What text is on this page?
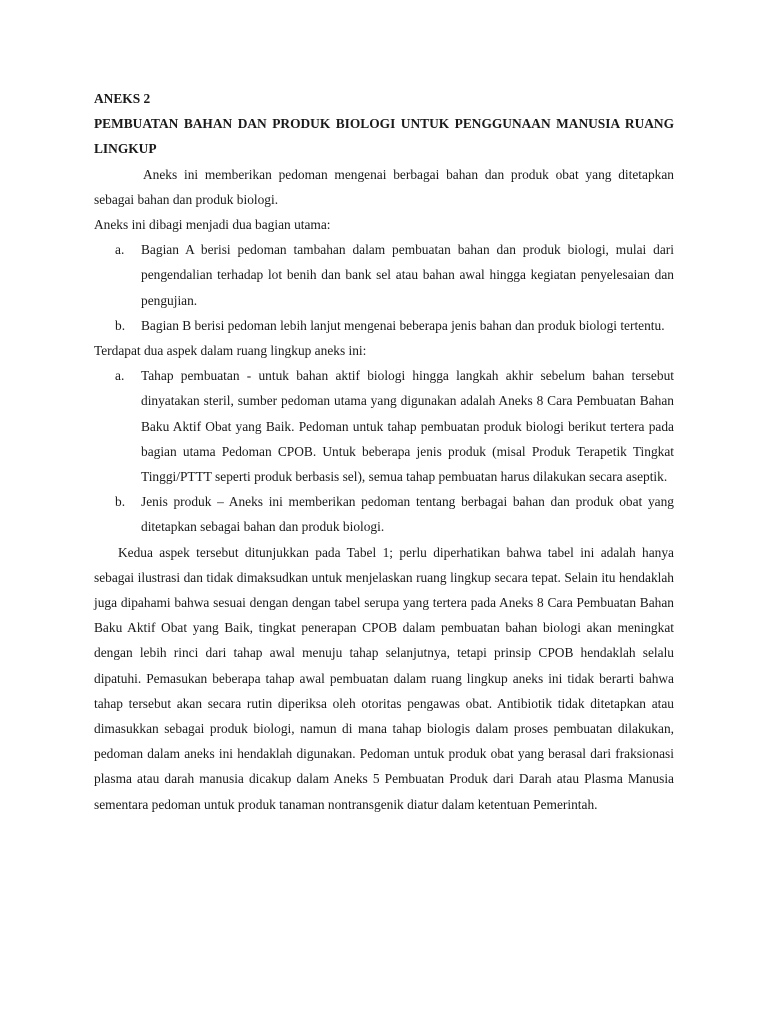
ANEKS 2
PEMBUATAN BAHAN DAN PRODUK BIOLOGI UNTUK PENGGUNAAN MANUSIA RUANG LINGKUP

Aneks ini memberikan pedoman mengenai berbagai bahan dan produk obat yang ditetapkan sebagai bahan dan produk biologi.

Aneks ini dibagi menjadi dua bagian utama:

a. Bagian A berisi pedoman tambahan dalam pembuatan bahan dan produk biologi, mulai dari pengendalian terhadap lot benih dan bank sel atau bahan awal hingga kegiatan penyelesaian dan pengujian.
b. Bagian B berisi pedoman lebih lanjut mengenai beberapa jenis bahan dan produk biologi tertentu.

Terdapat dua aspek dalam ruang lingkup aneks ini:

a. Tahap pembuatan - untuk bahan aktif biologi hingga langkah akhir sebelum bahan tersebut dinyatakan steril, sumber pedoman utama yang digunakan adalah Aneks 8 Cara Pembuatan Bahan Baku Aktif Obat yang Baik. Pedoman untuk tahap pembuatan produk biologi berikut tertera pada bagian utama Pedoman CPOB. Untuk beberapa jenis produk (misal Produk Terapetik Tingkat Tinggi/PTTT seperti produk berbasis sel), semua tahap pembuatan harus dilakukan secara aseptik.
b. Jenis produk – Aneks ini memberikan pedoman tentang berbagai bahan dan produk obat yang ditetapkan sebagai bahan dan produk biologi.

Kedua aspek tersebut ditunjukkan pada Tabel 1; perlu diperhatikan bahwa tabel ini adalah hanya sebagai ilustrasi dan tidak dimaksudkan untuk menjelaskan ruang lingkup secara tepat. Selain itu hendaklah juga dipahami bahwa sesuai dengan dengan tabel serupa yang tertera pada Aneks 8 Cara Pembuatan Bahan Baku Aktif Obat yang Baik, tingkat penerapan CPOB dalam pembuatan bahan biologi akan meningkat dengan lebih rinci dari tahap awal menuju tahap selanjutnya, tetapi prinsip CPOB hendaklah selalu dipatuhi. Pemasukan beberapa tahap awal pembuatan dalam ruang lingkup aneks ini tidak berarti bahwa tahap tersebut akan secara rutin diperiksa oleh otoritas pengawas obat. Antibiotik tidak ditetapkan atau dimasukkan sebagai produk biologi, namun di mana tahap biologis dalam proses pembuatan dilakukan, pedoman dalam aneks ini hendaklah digunakan. Pedoman untuk produk obat yang berasal dari fraksionasi plasma atau darah manusia dicakup dalam Aneks 5 Pembuatan Produk dari Darah atau Plasma Manusia sementara pedoman untuk produk tanaman nontransgenik diatur dalam ketentuan Pemerintah.
